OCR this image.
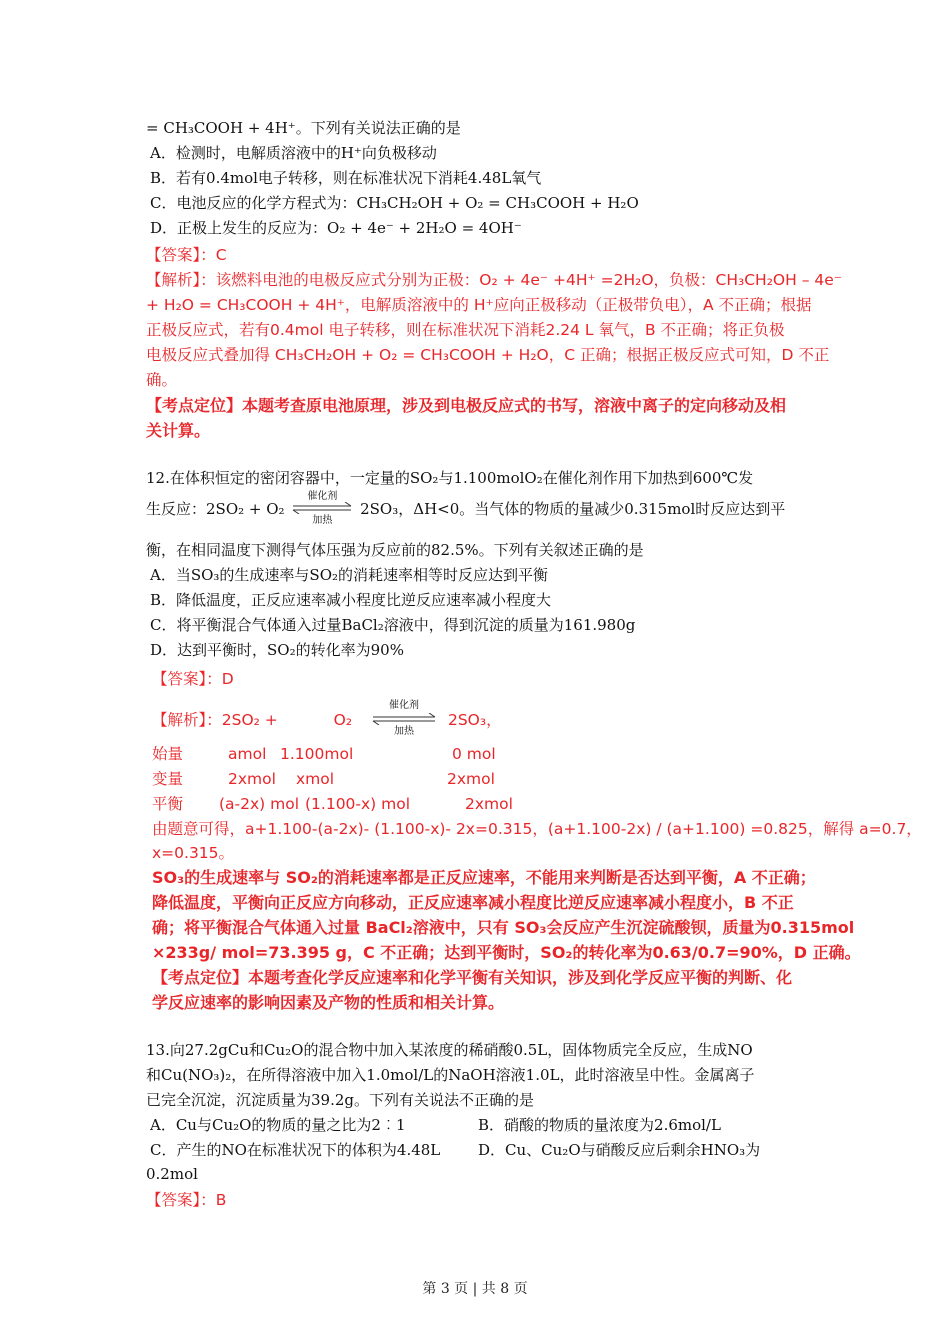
= CH₃COOH + 4H⁺。下列有关说法正确的是
A．检测时，电解质溶液中的H⁺向负极移动
B．若有0.4mol电子转移，则在标准状况下消耗4.48L氧气
C．电池反应的化学方程式为：CH₃CH₂OH + O₂ = CH₃COOH + H₂O
D．正极上发生的反应为：O₂ + 4e⁻ + 2H₂O = 4OH⁻
【答案】：C
【解析】：该燃料电池的电极反应式分别为正极：O₂ + 4e⁻ +4H⁺ =2H₂O，负极：CH₃CH₂OH – 4e⁻
+ H₂O = CH₃COOH + 4H⁺，电解质溶液中的 H⁺应向正极移动（正极带负电），A 不正确；根据
正极反应式，若有0.4mol 电子转移，则在标准状况下消耗2.24 L 氧气，B 不正确；将正负极
电极反应式叠加得 CH₃CH₂OH + O₂ = CH₃COOH + H₂O，C 正确；根据正极反应式可知，D 不正
确。
【考点定位】本题考查原电池原理，涉及到电极反应式的书写，溶液中离子的定向移动及相
关计算。
12.在体积恒定的密闭容器中，一定量的SO₂与1.100molO₂在催化剂作用下加热到600℃发
生反应：2SO₂ + O₂
催化剂
加热
2SO₃，ΔH<0。当气体的物质的量减少0.315mol时反应达到平
衡，在相同温度下测得气体压强为反应前的82.5%。下列有关叙述正确的是
A．当SO₃的生成速率与SO₂的消耗速率相等时反应达到平衡
B．降低温度，正反应速率减小程度比逆反应速率减小程度大
C．将平衡混合气体通入过量BaCl₂溶液中，得到沉淀的质量为161.980g
D．达到平衡时，SO₂的转化率为90%
【答案】：D
【解析】：2SO₂ +	O₂
催化剂
加热
2SO₃，
始量	amol 1.100mol	0 mol
变量	2xmol xmol	2xmol
平衡 (a-2x) mol (1.100-x) mol	2xmol
由题意可得，a+1.100-(a-2x)- (1.100-x)- 2x=0.315，(a+1.100-2x) / (a+1.100) =0.825，解得 a=0.7，
x=0.315。
SO₃的生成速率与 SO₂的消耗速率都是正反应速率，不能用来判断是否达到平衡，A 不正确；
降低温度，平衡向正反应方向移动，正反应速率减小程度比逆反应速率减小程度小，B 不正
确；将平衡混合气体通入过量 BaCl₂溶液中，只有 SO₃会反应产生沉淀硫酸钡，质量为0.315mol
×233g/ mol=73.395 g，C 不正确；达到平衡时，SO₂的转化率为0.63/0.7=90%，D 正确。
【考点定位】本题考查化学反应速率和化学平衡有关知识，涉及到化学反应平衡的判断、化
学反应速率的影响因素及产物的性质和相关计算。
13.向27.2gCu和Cu₂O的混合物中加入某浓度的稀硝酸0.5L，固体物质完全反应，生成NO
和Cu(NO₃)₂，在所得溶液中加入1.0mol/L的NaOH溶液1.0L，此时溶液呈中性。金属离子
已完全沉淀，沉淀质量为39.2g。下列有关说法不正确的是
A．Cu与Cu₂O的物质的量之比为2︰1	B．硝酸的物质的量浓度为2.6mol/L
C．产生的NO在标准状况下的体积为4.48L	D．Cu、Cu₂O与硝酸反应后剩余HNO₃为
0.2mol
【答案】：B
第 3 页 | 共 8 页
